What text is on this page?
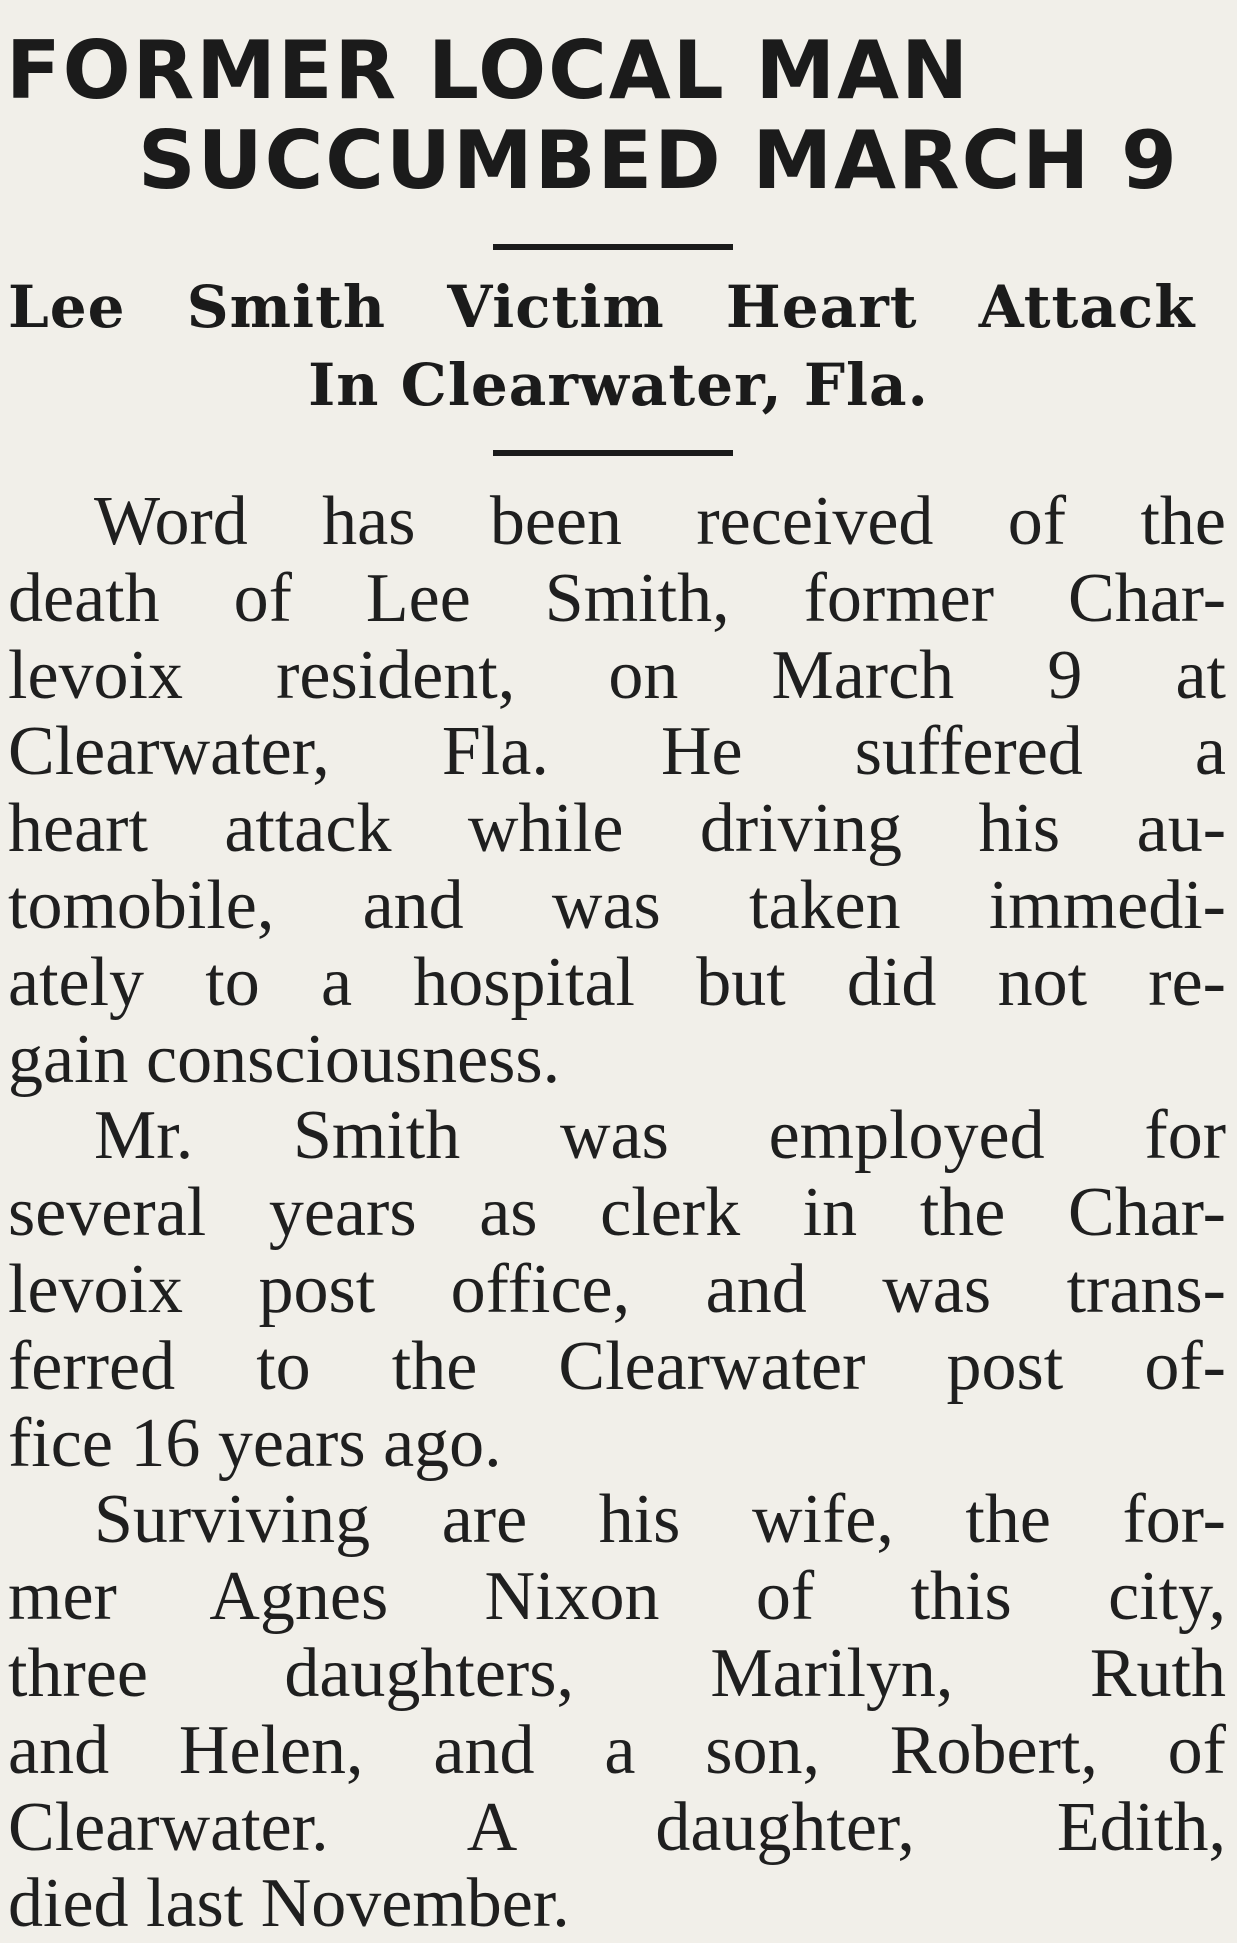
FORMER LOCAL MAN
SUCCUMBED MARCH 9
Lee Smith Victim Heart Attack
In Clearwater, Fla.
Word has been received of the
death of Lee Smith, former Char-
levoix resident, on March 9 at
Clearwater, Fla. He suffered a
heart attack while driving his au-
tomobile, and was taken immedi-
ately to a hospital but did not re-
gain consciousness.
Mr. Smith was employed for
several years as clerk in the Char-
levoix post office, and was trans-
ferred to the Clearwater post of-
fice 16 years ago.
Surviving are his wife, the for-
mer Agnes Nixon of this city,
three daughters, Marilyn, Ruth
and Helen, and a son, Robert, of
Clearwater. A daughter, Edith,
died last November.
